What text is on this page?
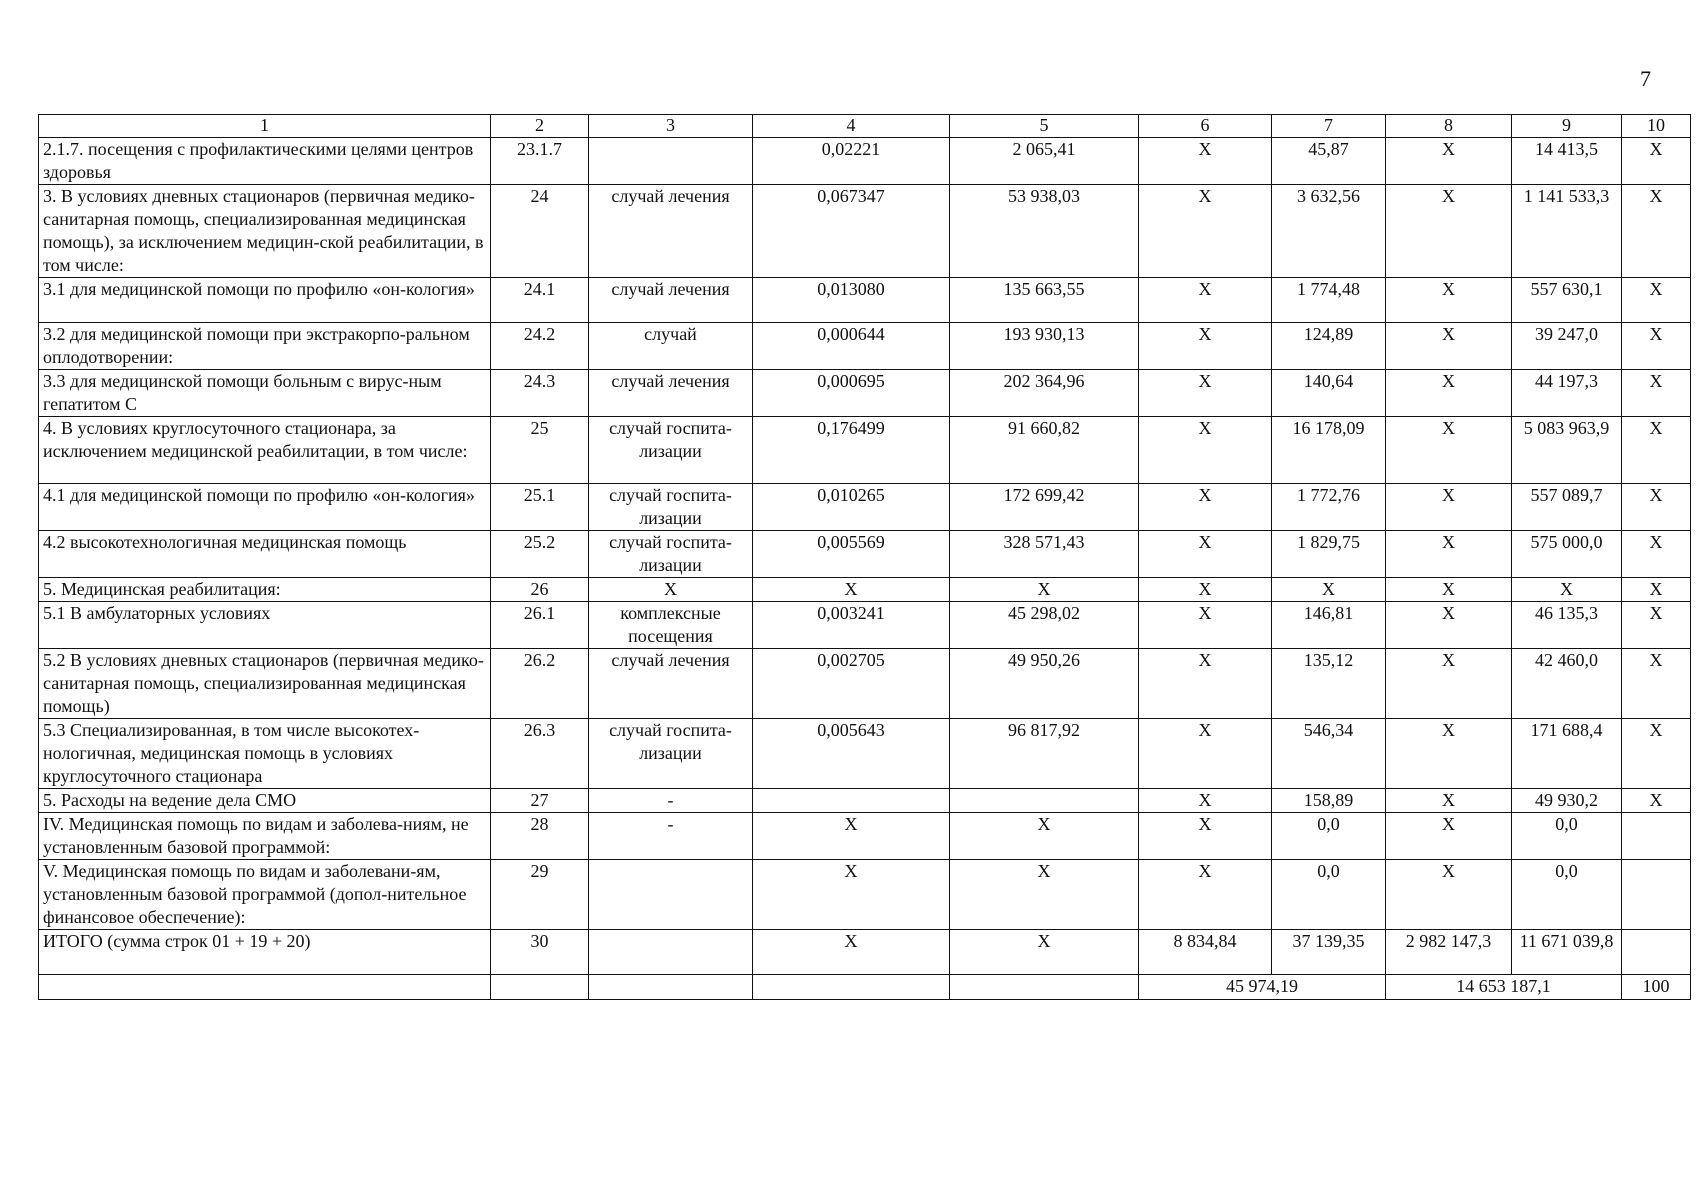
7
1	2	3	4	5	6	7	8	9	10
2.1.7. посещения с профилактическими целями центров здоровья	23.1.7		0,02221	2 065,41	Х	45,87	Х	14 413,5	Х
3. В условиях дневных стационаров (первичная медико-санитарная помощь, специализированная медицинская помощь), за исключением медицин-ской реабилитации, в том числе:	24	случай лечения	0,067347	53 938,03	Х	3 632,56	Х	1 141 533,3	Х
3.1 для медицинской помощи по профилю «он-кология»	24.1	случай лечения	0,013080	135 663,55	Х	1 774,48	Х	557 630,1	Х
3.2 для медицинской помощи при экстракорпо-ральном оплодотворении:	24.2	случай	0,000644	193 930,13	Х	124,89	Х	39 247,0	Х
3.3 для медицинской помощи больным с вирус-ным гепатитом С	24.3	случай лечения	0,000695	202 364,96	Х	140,64	Х	44 197,3	Х
4. В условиях круглосуточного стационара, за исключением медицинской реабилитации, в том числе:	25	случай госпита-лизации	0,176499	91 660,82	Х	16 178,09	Х	5 083 963,9	Х
4.1 для медицинской помощи по профилю «он-кология»	25.1	случай госпита-лизации	0,010265	172 699,42	Х	1 772,76	Х	557 089,7	Х
4.2 высокотехнологичная медицинская помощь	25.2	случай госпита-лизации	0,005569	328 571,43	Х	1 829,75	Х	575 000,0	Х
5. Медицинская реабилитация:	26	Х	Х	Х	Х	Х	Х	Х	Х
5.1 В амбулаторных условиях	26.1	комплексные посещения	0,003241	45 298,02	Х	146,81	Х	46 135,3	Х
5.2 В условиях дневных стационаров (первичная медико-санитарная помощь, специализированная медицинская помощь)	26.2	случай лечения	0,002705	49 950,26	Х	135,12	Х	42 460,0	Х
5.3 Специализированная, в том числе высокотех-нологичная, медицинская помощь в условиях круглосуточного стационара	26.3	случай госпита-лизации	0,005643	96 817,92	Х	546,34	Х	171 688,4	Х
5. Расходы на ведение дела СМО	27	-			Х	158,89	Х	49 930,2	Х
IV. Медицинская помощь по видам и заболева-ниям, не установленным базовой программой:	28	-	Х	Х	Х	0,0	Х	0,0	
V. Медицинская помощь по видам и заболевани-ям, установленным базовой программой (допол-нительное финансовое обеспечение):	29		Х	Х	Х	0,0	Х	0,0	
ИТОГО (сумма строк 01 + 19 + 20)	30		Х	Х	8 834,84	37 139,35	2 982 147,3	11 671 039,8	
					45 974,19		14 653 187,1		100
